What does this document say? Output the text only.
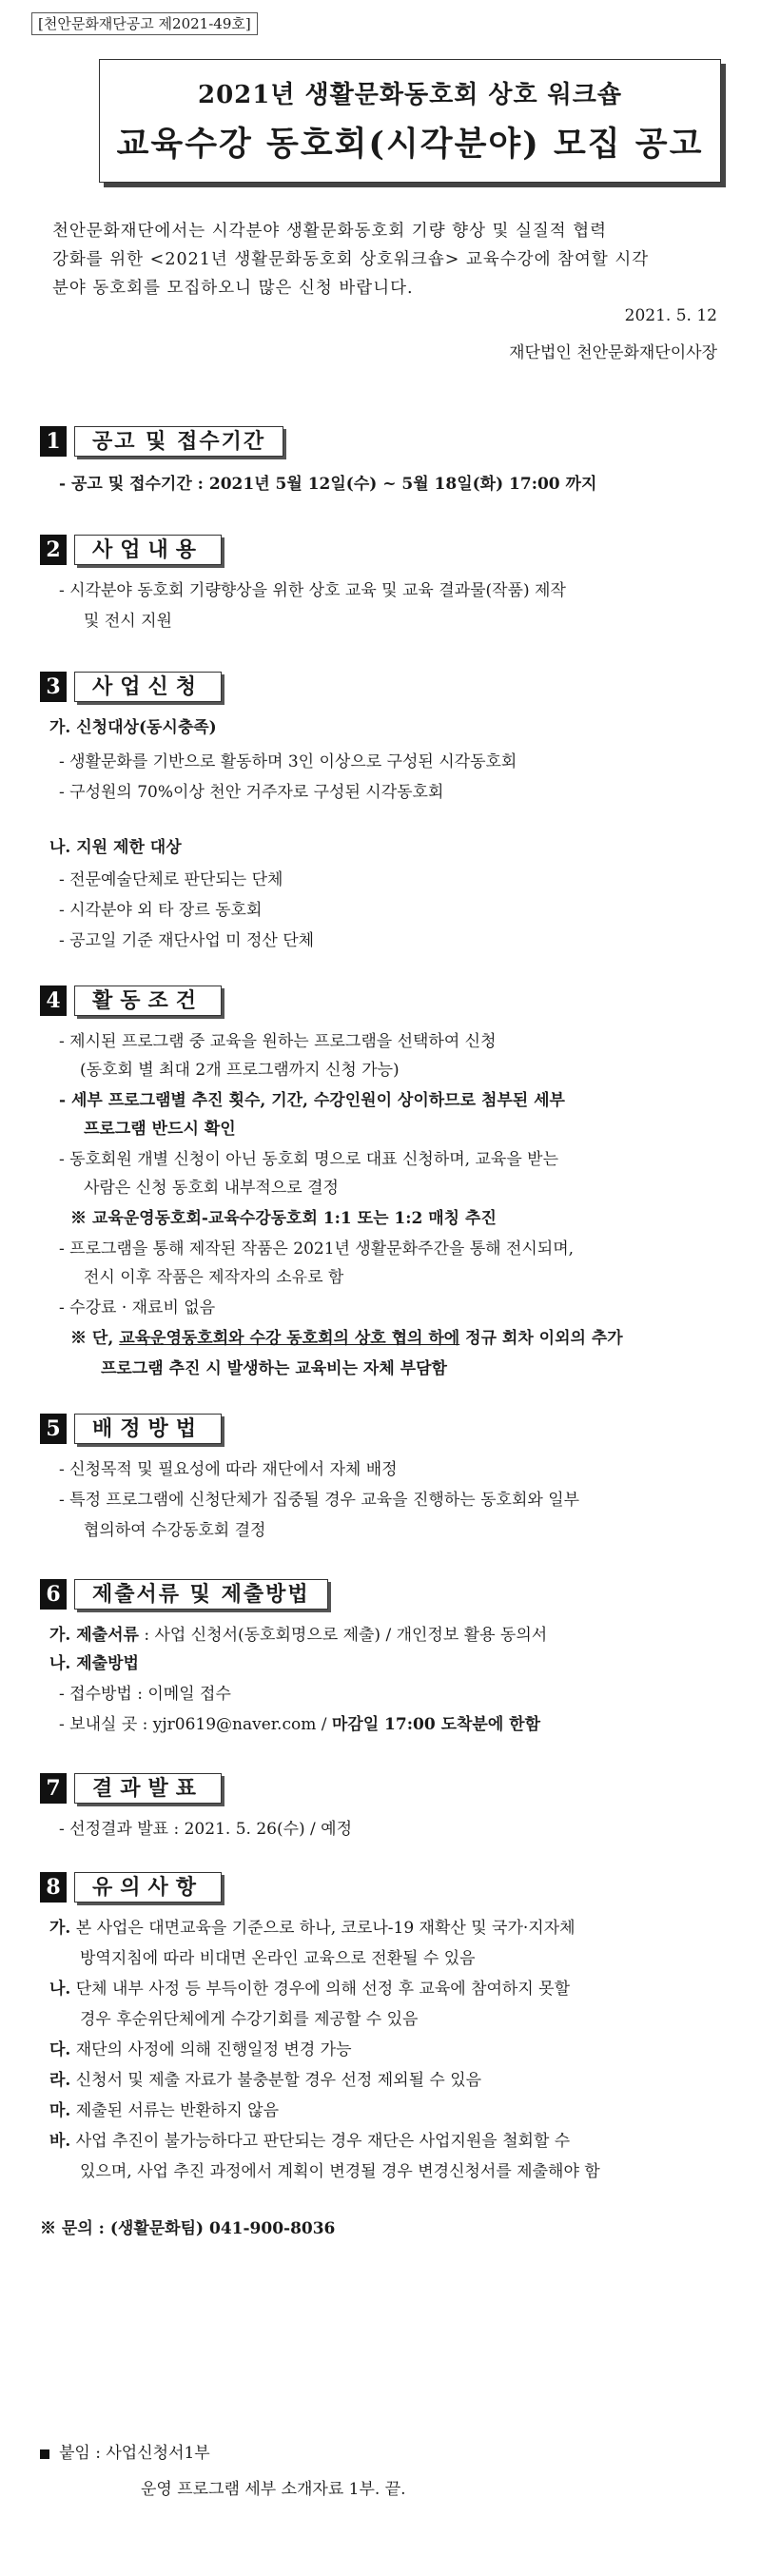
[천안문화재단공고 제2021-49호]
2021년 생활문화동호회 상호 워크숍
교육수강 동호회(시각분야) 모집 공고
천안문화재단에서는 시각분야 생활문화동호회 기량 향상 및 실질적 협력
강화를 위한 <2021년 생활문화동호회 상호워크숍> 교육수강에 참여할 시각
분야 동호회를 모집하오니 많은 신청 바랍니다.
2021. 5. 12
재단법인 천안문화재단이사장
1	공고 및 접수기간
- 공고 및 접수기간 : 2021년 5월 12일(수) ~ 5월 18일(화) 17:00 까지
2	사업내용
- 시각분야 동호회 기량향상을 위한 상호 교육 및 교육 결과물(작품) 제작
및 전시 지원
3	사업신청
가. 신청대상(동시충족)
- 생활문화를 기반으로 활동하며 3인 이상으로 구성된 시각동호회
- 구성원의 70%이상 천안 거주자로 구성된 시각동호회
나. 지원 제한 대상
- 전문예술단체로 판단되는 단체
- 시각분야 외 타 장르 동호회
- 공고일 기준 재단사업 미 정산 단체
4	활동조건
- 제시된 프로그램 중 교육을 원하는 프로그램을 선택하여 신청
(동호회 별 최대 2개 프로그램까지 신청 가능)
- 세부 프로그램별 추진 횟수, 기간, 수강인원이 상이하므로 첨부된 세부
프로그램 반드시 확인
- 동호회원 개별 신청이 아닌 동호회 명으로 대표 신청하며, 교육을 받는
사람은 신청 동호회 내부적으로 결정
※ 교육운영동호회-교육수강동호회 1:1 또는 1:2 매칭 추진
- 프로그램을 통해 제작된 작품은 2021년 생활문화주간을 통해 전시되며,
전시 이후 작품은 제작자의 소유로 함
- 수강료 · 재료비 없음
※ 단, 교육운영동호회와 수강 동호회의 상호 협의 하에 정규 회차 이외의 추가
프로그램 추진 시 발생하는 교육비는 자체 부담함
5	배정방법
- 신청목적 및 필요성에 따라 재단에서 자체 배정
- 특정 프로그램에 신청단체가 집중될 경우 교육을 진행하는 동호회와 일부
협의하여 수강동호회 결정
6	제출서류 및 제출방법
가. 제출서류 : 사업 신청서(동호회명으로 제출) / 개인정보 활용 동의서
나. 제출방법
- 접수방법 : 이메일 접수
- 보내실 곳 : yjr0619@naver.com / 마감일 17:00 도착분에 한함
7	결과발표
- 선정결과 발표 : 2021. 5. 26(수) / 예정
8	유의사항
가. 본 사업은 대면교육을 기준으로 하나, 코로나-19 재확산 및 국가·지자체
방역지침에 따라 비대면 온라인 교육으로 전환될 수 있음
나. 단체 내부 사정 등 부득이한 경우에 의해 선정 후 교육에 참여하지 못할
경우 후순위단체에게 수강기회를 제공할 수 있음
다. 재단의 사정에 의해 진행일정 변경 가능
라. 신청서 및 제출 자료가 불충분할 경우 선정 제외될 수 있음
마. 제출된 서류는 반환하지 않음
바. 사업 추진이 불가능하다고 판단되는 경우 재단은 사업지원을 철회할 수
있으며, 사업 추진 과정에서 계획이 변경될 경우 변경신청서를 제출해야 함
※ 문의 : (생활문화팀) 041-900-8036
붙임 : 사업신청서1부
운영 프로그램 세부 소개자료 1부. 끝.
